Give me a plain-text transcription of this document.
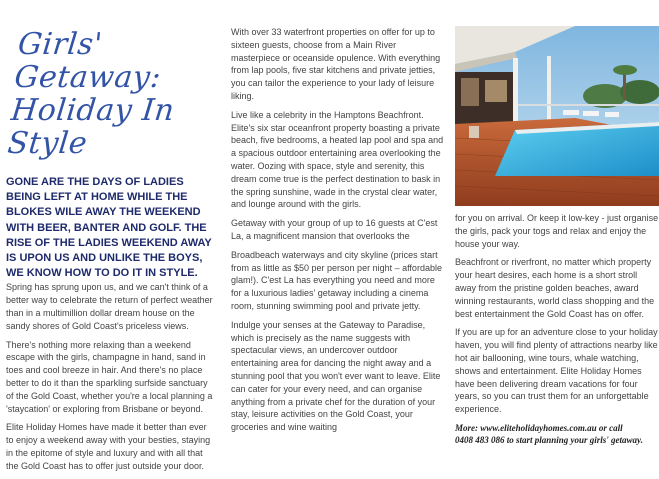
Girls' Getaway:
Holiday In Style
GONE ARE THE DAYS OF LADIES BEING LEFT AT HOME WHILE THE BLOKES WILE AWAY THE WEEKEND WITH BEER, BANTER AND GOLF. THE RISE OF THE LADIES WEEKEND AWAY IS UPON US AND UNLIKE THE BOYS, WE KNOW HOW TO DO IT IN STYLE.

Spring has sprung upon us, and we can't think of a better way to celebrate the return of perfect weather than in a multimillion dollar dream house on the sandy shores of Gold Coast's priceless views.

There's nothing more relaxing than a weekend escape with the girls, champagne in hand, sand in toes and cool breeze in hair. And there's no place better to do it than the sparkling surfside sanctuary of the Gold Coast, whether you're a local planning a 'staycation' or exploring from Brisbane or beyond.

Elite Holiday Homes have made it better than ever to enjoy a weekend away with your besties, staying in the epitome of style and luxury and with all that the Gold Coast has to offer just outside your door.

With over 33 waterfront properties on offer for up to sixteen guests, choose from a Main River masterpiece or oceanside opulence. With everything from lap pools, five star kitchens and private jetties, you can tailor the experience to your lady of leisure liking.

Live like a celebrity in the Hamptons Beachfront. Elite's six star oceanfront property boasting a private beach, five bedrooms, a heated lap pool and spa and a spacious outdoor entertaining area overlooking the water. Oozing with space, style and serenity, this dream come true is the perfect destination to bask in the spring sunshine, wade in the crystal clear water, and lounge around with the girls.

Getaway with your group of up to 16 guests at C'est La, a magnificent mansion that overlooks the

Broadbeach waterways and city skyline (prices start from as little as $50 per person per night – affordable glam!). C'est La has everything you need and more for a luxurious ladies' getaway including a cinema room, stunning swimming pool and private jetty.

Indulge your senses at the Gateway to Paradise, which is precisely as the name suggests with spectacular views, an undercover outdoor entertaining area for dancing the night away and a stunning pool that you won't ever want to leave. Elite can cater for your every need, and can organise anything from a private chef for the duration of your stay, leisure activities on the Gold Coast, your groceries and wine waiting

for you on arrival. Or keep it low-key - just organise the girls, pack your togs and relax and enjoy the house your way.

Beachfront or riverfront, no matter which property your heart desires, each home is a short stroll away from the pristine golden beaches, award winning restaurants, world class shopping and the best entertainment the Gold Coast has on offer.

If you are up for an adventure close to your holiday haven, you will find plenty of attractions nearby like hot air ballooning, wine tours, whale watching, shows and entertainment. Elite Holiday Homes have been delivering dream vacations for four years, so you can trust them for an unforgettable experience.

More: www.eliteholidayhomes.com.au or call
0408 483 086 to start planning your girls' getaway.
